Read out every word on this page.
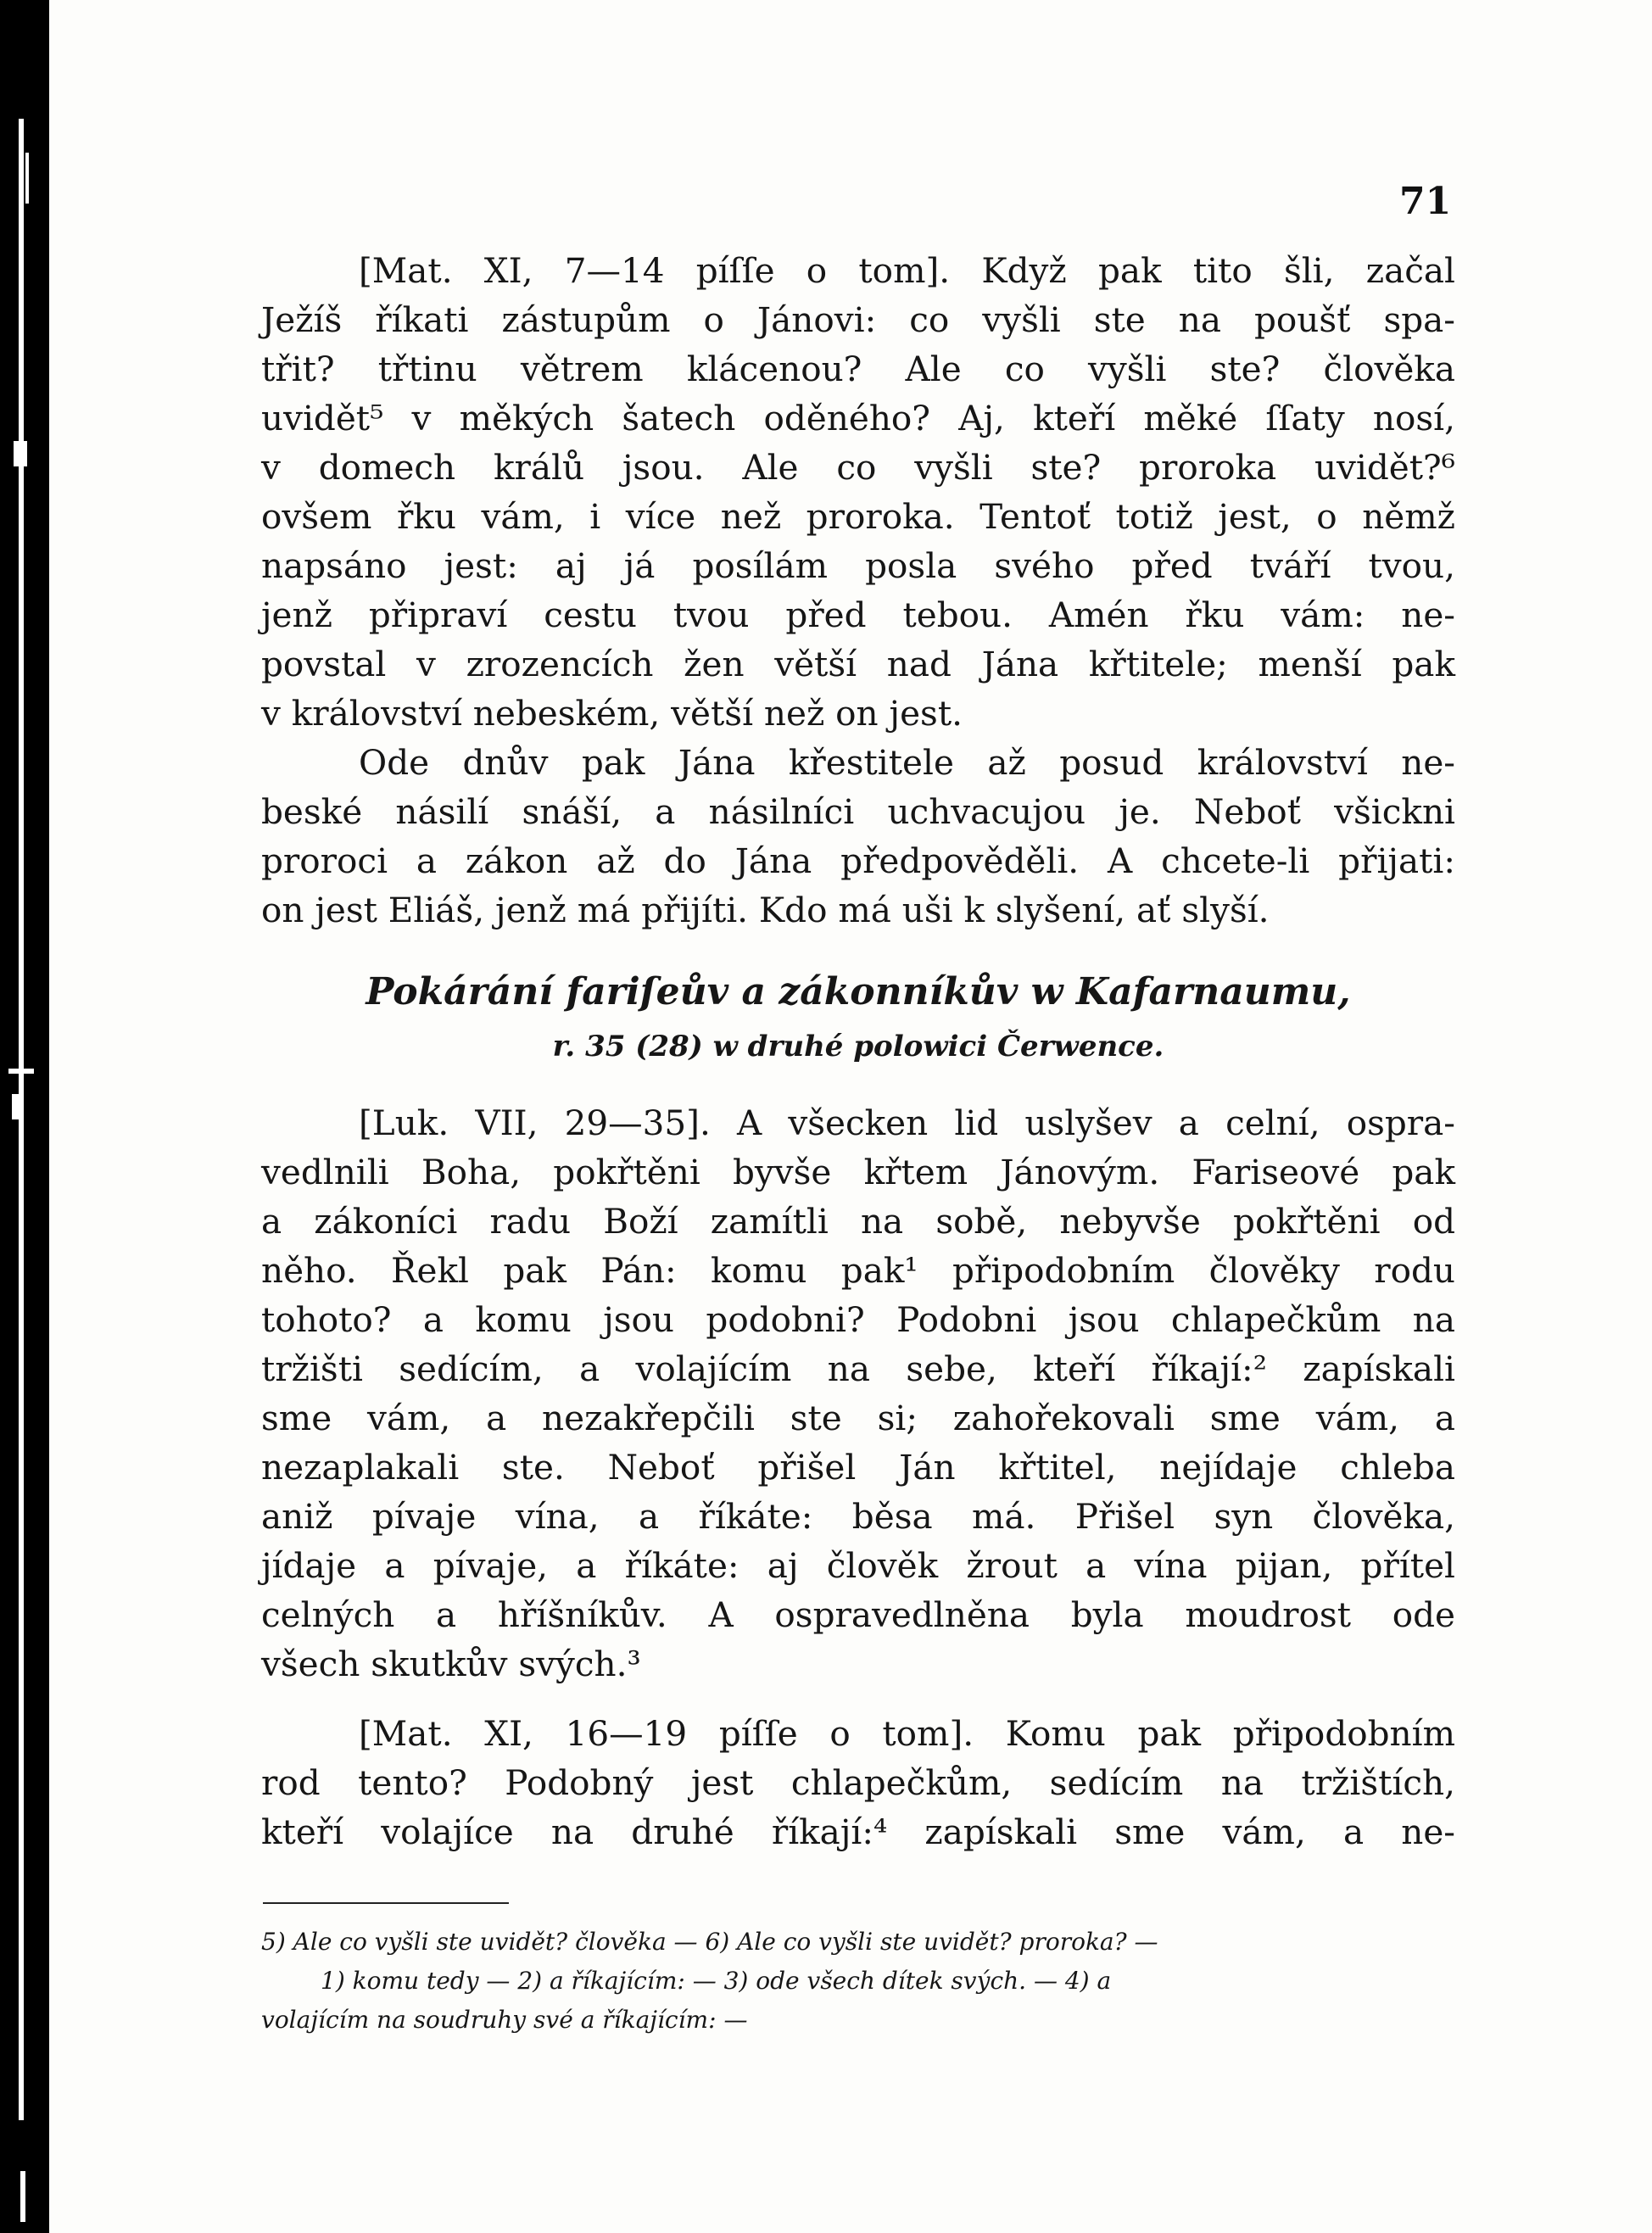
71
[Mat. XI, 7—14 píſſe o tom]. Když pak tito šli, začal
Ježíš říkati zástupům o Jánovi: co vyšli ste na poušť spa-
třit? třtinu větrem klácenou? Ale co vyšli ste? člověka
uvidět⁵ v měkých šatech oděného? Aj, kteří měké ſſaty nosí,
v domech králů jsou. Ale co vyšli ste? proroka uvidět?⁶
ovšem řku vám, i více než proroka. Tentoť totiž jest, o němž
napsáno jest: aj já posílám posla svého před tváří tvou,
jenž připraví cestu tvou před tebou. Amén řku vám: ne-
povstal v zrozencích žen větší nad Jána křtitele; menší pak
v království nebeském, větší než on jest.
Ode dnův pak Jána křestitele až posud království ne-
beské násilí snáší, a násilníci uchvacujou je. Neboť všickni
proroci a zákon až do Jána předpověděli. A chcete-li přijati:
on jest Eliáš, jenž má přijíti. Kdo má uši k slyšení, ať slyší.
Pokárání fariſeův a zákonníkův w Kafarnaumu,
r. 35 (28) w druhé polowici Čerwence.
[Luk. VII, 29—35]. A všecken lid uslyšev a celní, ospra-
vedlnili Boha, pokřtěni byvše křtem Jánovým. Fariseové pak
a zákoníci radu Boží zamítli na sobě, nebyvše pokřtěni od
něho. Řekl pak Pán: komu pak¹ připodobním člověky rodu
tohoto? a komu jsou podobni? Podobni jsou chlapečkům na
tržišti sedícím, a volajícím na sebe, kteří říkají:² zapískali
sme vám, a nezakřepčili ste si; zahořekovali sme vám, a
nezaplakali ste. Neboť přišel Ján křtitel, nejídaje chleba
aniž pívaje vína, a říkáte: běsa má. Přišel syn člověka,
jídaje a pívaje, a říkáte: aj člověk žrout a vína pijan, přítel
celných a hříšníkův. A ospravedlněna byla moudrost ode
všech skutkův svých.³
[Mat. XI, 16—19 píſſe o tom]. Komu pak připodobním
rod tento? Podobný jest chlapečkům, sedícím na tržištích,
kteří volajíce na druhé říkají:⁴ zapískali sme vám, a ne-
5) Ale co vyšli ste uvidět? člověka — 6) Ale co vyšli ste uvidět? proroka? —
1) komu tedy — 2) a říkajícím: — 3) ode všech dítek svých. — 4) a
volajícím na soudruhy své a říkajícím: —
